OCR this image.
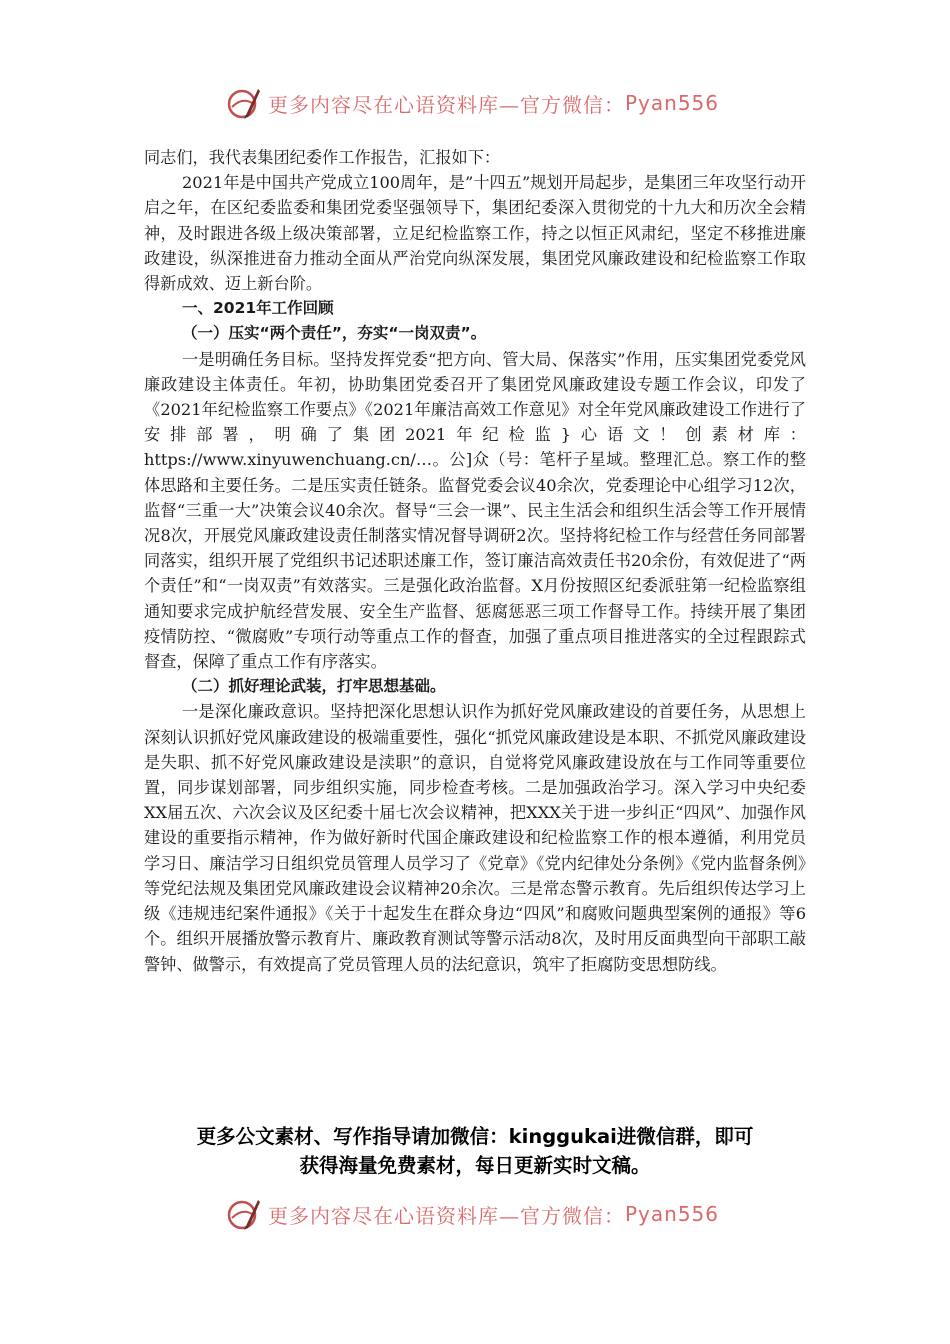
更多内容尽在心语资料库—官方微信： Pyan556

同志们，我代表集团纪委作工作报告，汇报如下：

2021年是中国共产党成立100周年，是”十四五”规划开局起步，是集团三年攻坚行动开启之年，在区纪委监委和集团党委坚强领导下，集团纪委深入贯彻党的十九大和历次全会精神，及时跟进各级上级决策部署，立足纪检监察工作，持之以恒正风肃纪，坚定不移推进廉政建设，纵深推进奋力推动全面从严治党向纵深发展，集团党风廉政建设和纪检监察工作取得新成效、迈上新台阶。

一、2021年工作回顾

（一）压实“两个责任”，夯实“一岗双责”。

一是明确任务目标。坚持发挥党委“把方向、管大局、保落实”作用，压实集团党委党风廉政建设主体责任。年初，协助集团党委召开了集团党风廉政建设专题工作会议，印发了《2021年纪检监察工作要点》《2021年廉洁高效工作意见》对全年党风廉政建设工作进行了安排部署，明确了集团2021年纪检监}心语文！创素材库：https://www.xinyuwenchuang.cn/…。公]众（号：笔杆子星域。整理汇总。察工作的整体思路和主要任务。二是压实责任链条。监督党委会议40余次，党委理论中心组学习12次，监督“三重一大”决策会议40余次。督导“三会一课”、民主生活会和组织生活会等工作开展情况8次，开展党风廉政建设责任制落实情况督导调研2次。坚持将纪检工作与经营任务同部署同落实，组织开展了党组织书记述职述廉工作，签订廉洁高效责任书20余份，有效促进了“两个责任”和“一岗双责”有效落实。三是强化政治监督。X月份按照区纪委派驻第一纪检监察组通知要求完成护航经营发展、安全生产监督、惩腐惩恶三项工作督导工作。持续开展了集团疫情防控、“微腐败”专项行动等重点工作的督查，加强了重点项目推进落实的全过程跟踪式督查，保障了重点工作有序落实。

（二）抓好理论武装，打牢思想基础。

一是深化廉政意识。坚持把深化思想认识作为抓好党风廉政建设的首要任务，从思想上深刻认识抓好党风廉政建设的极端重要性，强化“抓党风廉政建设是本职、不抓党风廉政建设是失职、抓不好党风廉政建设是渎职”的意识，自觉将党风廉政建设放在与工作同等重要位置，同步谋划部署，同步组织实施，同步检查考核。二是加强政治学习。深入学习中央纪委XX届五次、六次会议及区纪委十届七次会议精神，把XXX关于进一步纠正“四风”、加强作风建设的重要指示精神，作为做好新时代国企廉政建设和纪检监察工作的根本遵循，利用党员学习日、廉洁学习日组织党员管理人员学习了《党章》《党内纪律处分条例》《党内监督条例》等党纪法规及集团党风廉政建设会议精神20余次。三是常态警示教育。先后组织传达学习上级《违规违纪案件通报》《关于十起发生在群众身边“四风”和腐败问题典型案例的通报》等6个。组织开展播放警示教育片、廉政教育测试等警示活动8次，及时用反面典型向干部职工敲警钟、做警示，有效提高了党员管理人员的法纪意识，筑牢了拒腐防变思想防线。

更多公文素材、写作指导请加微信：kinggukai进微信群，即可
获得海量免费素材，每日更新实时文稿。
更多内容尽在心语资料库—官方微信： Pyan556
